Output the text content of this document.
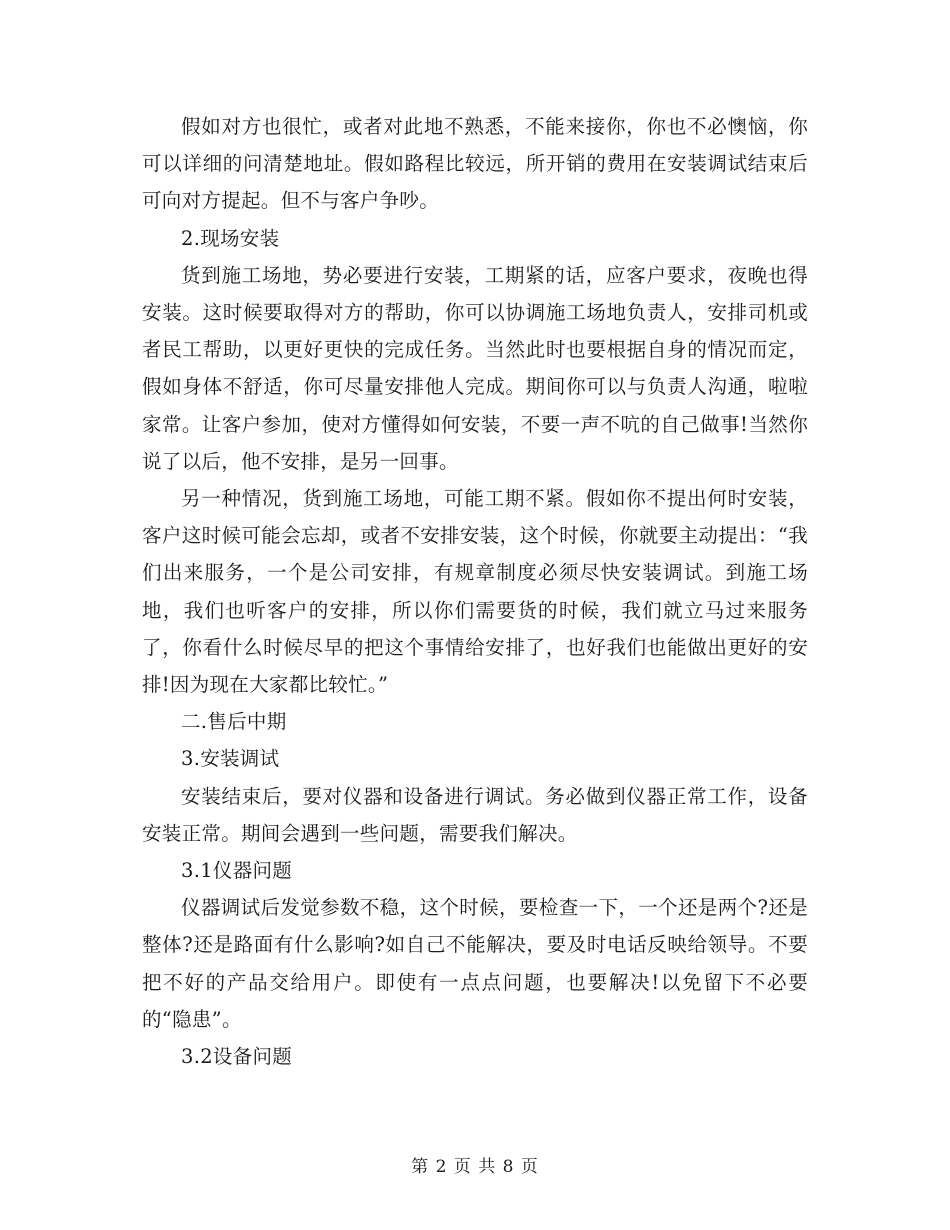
假如对方也很忙，或者对此地不熟悉，不能来接你，你也不必懊恼，你可以详细的问清楚地址。假如路程比较远，所开销的费用在安装调试结束后可向对方提起。但不与客户争吵。

2.现场安装

货到施工场地，势必要进行安装，工期紧的话，应客户要求，夜晚也得安装。这时候要取得对方的帮助，你可以协调施工场地负责人，安排司机或者民工帮助，以更好更快的完成任务。当然此时也要根据自身的情况而定，假如身体不舒适，你可尽量安排他人完成。期间你可以与负责人沟通，啦啦家常。让客户参加，使对方懂得如何安装，不要一声不吭的自己做事!当然你说了以后，他不安排，是另一回事。

另一种情况，货到施工场地，可能工期不紧。假如你不提出何时安装，客户这时候可能会忘却，或者不安排安装，这个时候，你就要主动提出：“我们出来服务，一个是公司安排，有规章制度必须尽快安装调试。到施工场地，我们也听客户的安排，所以你们需要货的时候，我们就立马过来服务了，你看什么时候尽早的把这个事情给安排了，也好我们也能做出更好的安排!因为现在大家都比较忙。”

二.售后中期

3.安装调试

安装结束后，要对仪器和设备进行调试。务必做到仪器正常工作，设备安装正常。期间会遇到一些问题，需要我们解决。

3.1仪器问题

仪器调试后发觉参数不稳，这个时候，要检查一下，一个还是两个?还是整体?还是路面有什么影响?如自己不能解决，要及时电话反映给领导。不要把不好的产品交给用户。即使有一点点问题，也要解决!以免留下不必要的“隐患”。

3.2设备问题

第 2 页 共 8 页
